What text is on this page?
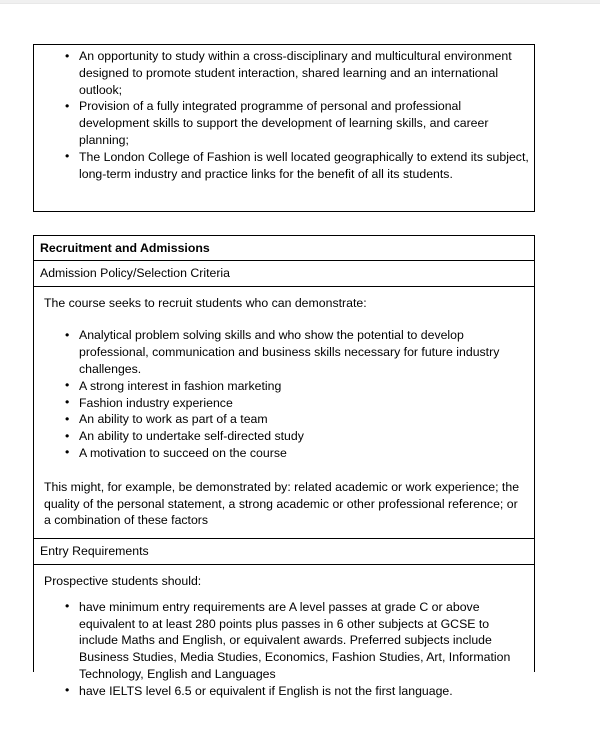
• An opportunity to study within a cross-disciplinary and multicultural environment designed to promote student interaction, shared learning and an international outlook;
• Provision of a fully integrated programme of personal and professional development skills to support the development of learning skills, and career planning;
• The London College of Fashion is well located geographically to extend its subject, long-term industry and practice links for the benefit of all its students.
Recruitment and Admissions
Admission Policy/Selection Criteria

The course seeks to recruit students who can demonstrate:

• Analytical problem solving skills and who show the potential to develop professional, communication and business skills necessary for future industry challenges.
• A strong interest in fashion marketing
• Fashion industry experience
• An ability to work as part of a team
• An ability to undertake self-directed study
• A motivation to succeed on the course

This might, for example, be demonstrated by: related academic or work experience; the quality of the personal statement, a strong academic or other professional reference; or a combination of these factors

Entry Requirements

Prospective students should:

• have minimum entry requirements are A level passes at grade C or above equivalent to at least 280 points plus passes in 6 other subjects at GCSE to include Maths and English, or equivalent awards. Preferred subjects include Business Studies, Media Studies, Economics, Fashion Studies, Art, Information Technology, English and Languages
• have IELTS level 6.5 or equivalent if English is not the first language.
